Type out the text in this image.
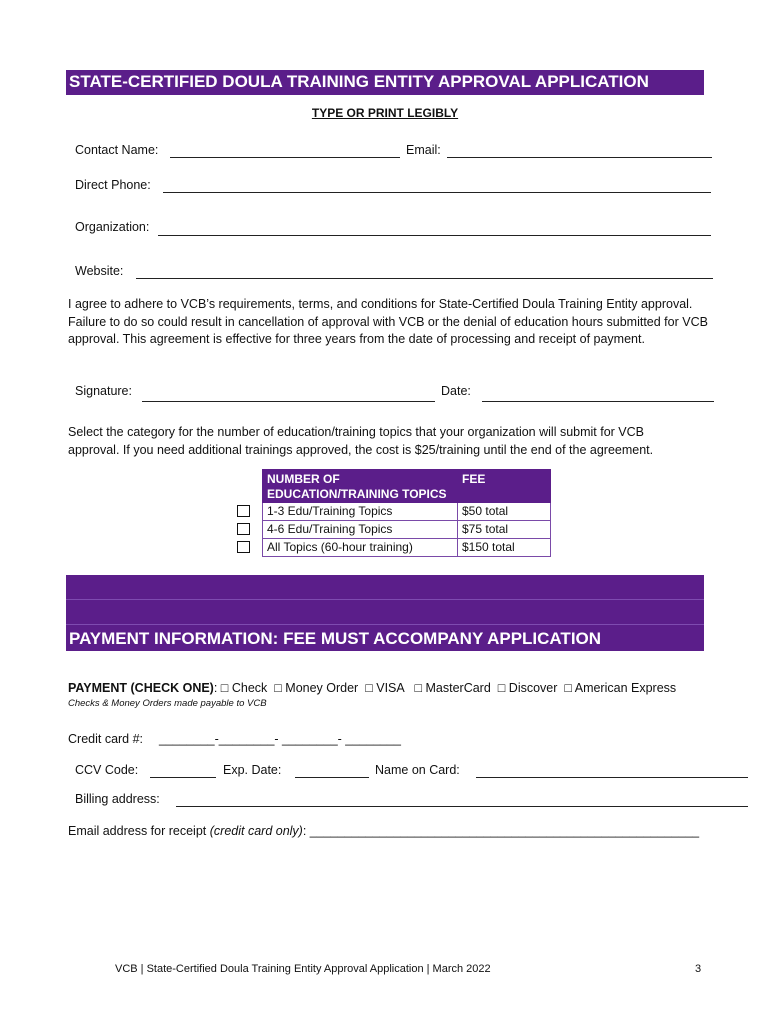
STATE-CERTIFIED DOULA TRAINING ENTITY APPROVAL APPLICATION
TYPE OR PRINT LEGIBLY
Contact Name:	Email:
Direct Phone:
Organization:
Website:
I agree to adhere to VCB’s requirements, terms, and conditions for State-Certified Doula Training Entity approval. Failure to do so could result in cancellation of approval with VCB or the denial of education hours submitted for VCB approval. This agreement is effective for three years from the date of processing and receipt of payment.
Signature:	Date:
Select the category for the number of education/training topics that your organization will submit for VCB approval. If you need additional trainings approved, the cost is $25/training until the end of the agreement.

	NUMBER OF
EDUCATION/TRAINING TOPICS	FEE
	1-3 Edu/Training Topics	$50 total
	4-6 Edu/Training Topics	$75 total
	All Topics (60-hour training)	$150 total
PAYMENT INFORMATION: FEE MUST ACCOMPANY APPLICATION
PAYMENT (CHECK ONE): □ Check □ Money Order □ VISA □ MasterCard □ Discover □ American Express
Checks & Money Orders made payable to VCB
Credit card #: ________-________- ________- ________
CCV Code:	Exp. Date:	Name on Card:
Billing address:
Email address for receipt (credit card only): ________________________________________________________
VCB | State-Certified Doula Training Entity Approval Application | March 2022	3
